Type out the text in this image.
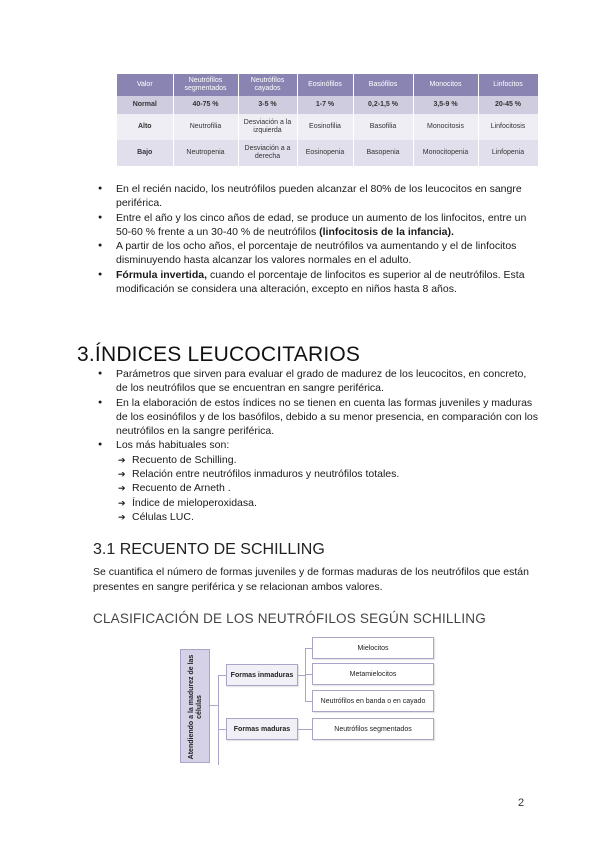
Valor	Neutrófilos segmentados	Neutrófilos cayados	Eosinófilos	Basófilos	Monocitos	Linfocitos
Normal	40-75 %	3-5 %	1-7 %	0,2-1,5 %	3,5-9 %	20-45 %
Alto	Neutrofilia	Desviación a la izquierda	Eosinofilia	Basofilia	Monocitosis	Linfocitosis
Bajo	Neutropenia	Desviación a a derecha	Eosinopenia	Basopenia	Monocitopenia	Linfopenia
● En el recién nacido, los neutrófilos pueden alcanzar el 80% de los leucocitos en sangre periférica.
● Entre el año y los cinco años de edad, se produce un aumento de los linfocitos, entre un 50-60 % frente a un 30-40 % de neutrófilos (linfocitosis de la infancia).
● A partir de los ocho años, el porcentaje de neutrófilos va aumentando y el de linfocitos disminuyendo hasta alcanzar los valores normales en el adulto.
● Fórmula invertida, cuando el porcentaje de linfocitos es superior al de neutrófilos. Esta modificación se considera una alteración, excepto en niños hasta 8 años.
3.ÍNDICES LEUCOCITARIOS
● Parámetros que sirven para evaluar el grado de madurez de los leucocitos, en concreto, de los neutrófilos que se encuentran en sangre periférica.
● En la elaboración de estos índices no se tienen en cuenta las formas juveniles y maduras de los eosinófilos y de los basófilos, debido a su menor presencia, en comparación con los neutrófilos en la sangre periférica.
● Los más habituales son:
➔ Recuento de Schilling.
➔ Relación entre neutrófilos inmaduros y neutrófilos totales.
➔ Recuento de Arneth .
➔ Índice de mieloperoxidasa.
➔ Células LUC.
3.1 RECUENTO DE SCHILLING

Se cuantifica el número de formas juveniles y de formas maduras de los neutrófilos que están presentes en sangre periférica y se relacionan ambos valores.

CLASIFICACIÓN DE LOS NEUTRÓFILOS SEGÚN SCHILLING
Atendiendo a la madurez de las células
Formas inmaduras
Formas maduras
Mielocitos
Metamielocitos
Neutrófilos en banda o en cayado
Neutrófilos segmentados
2
